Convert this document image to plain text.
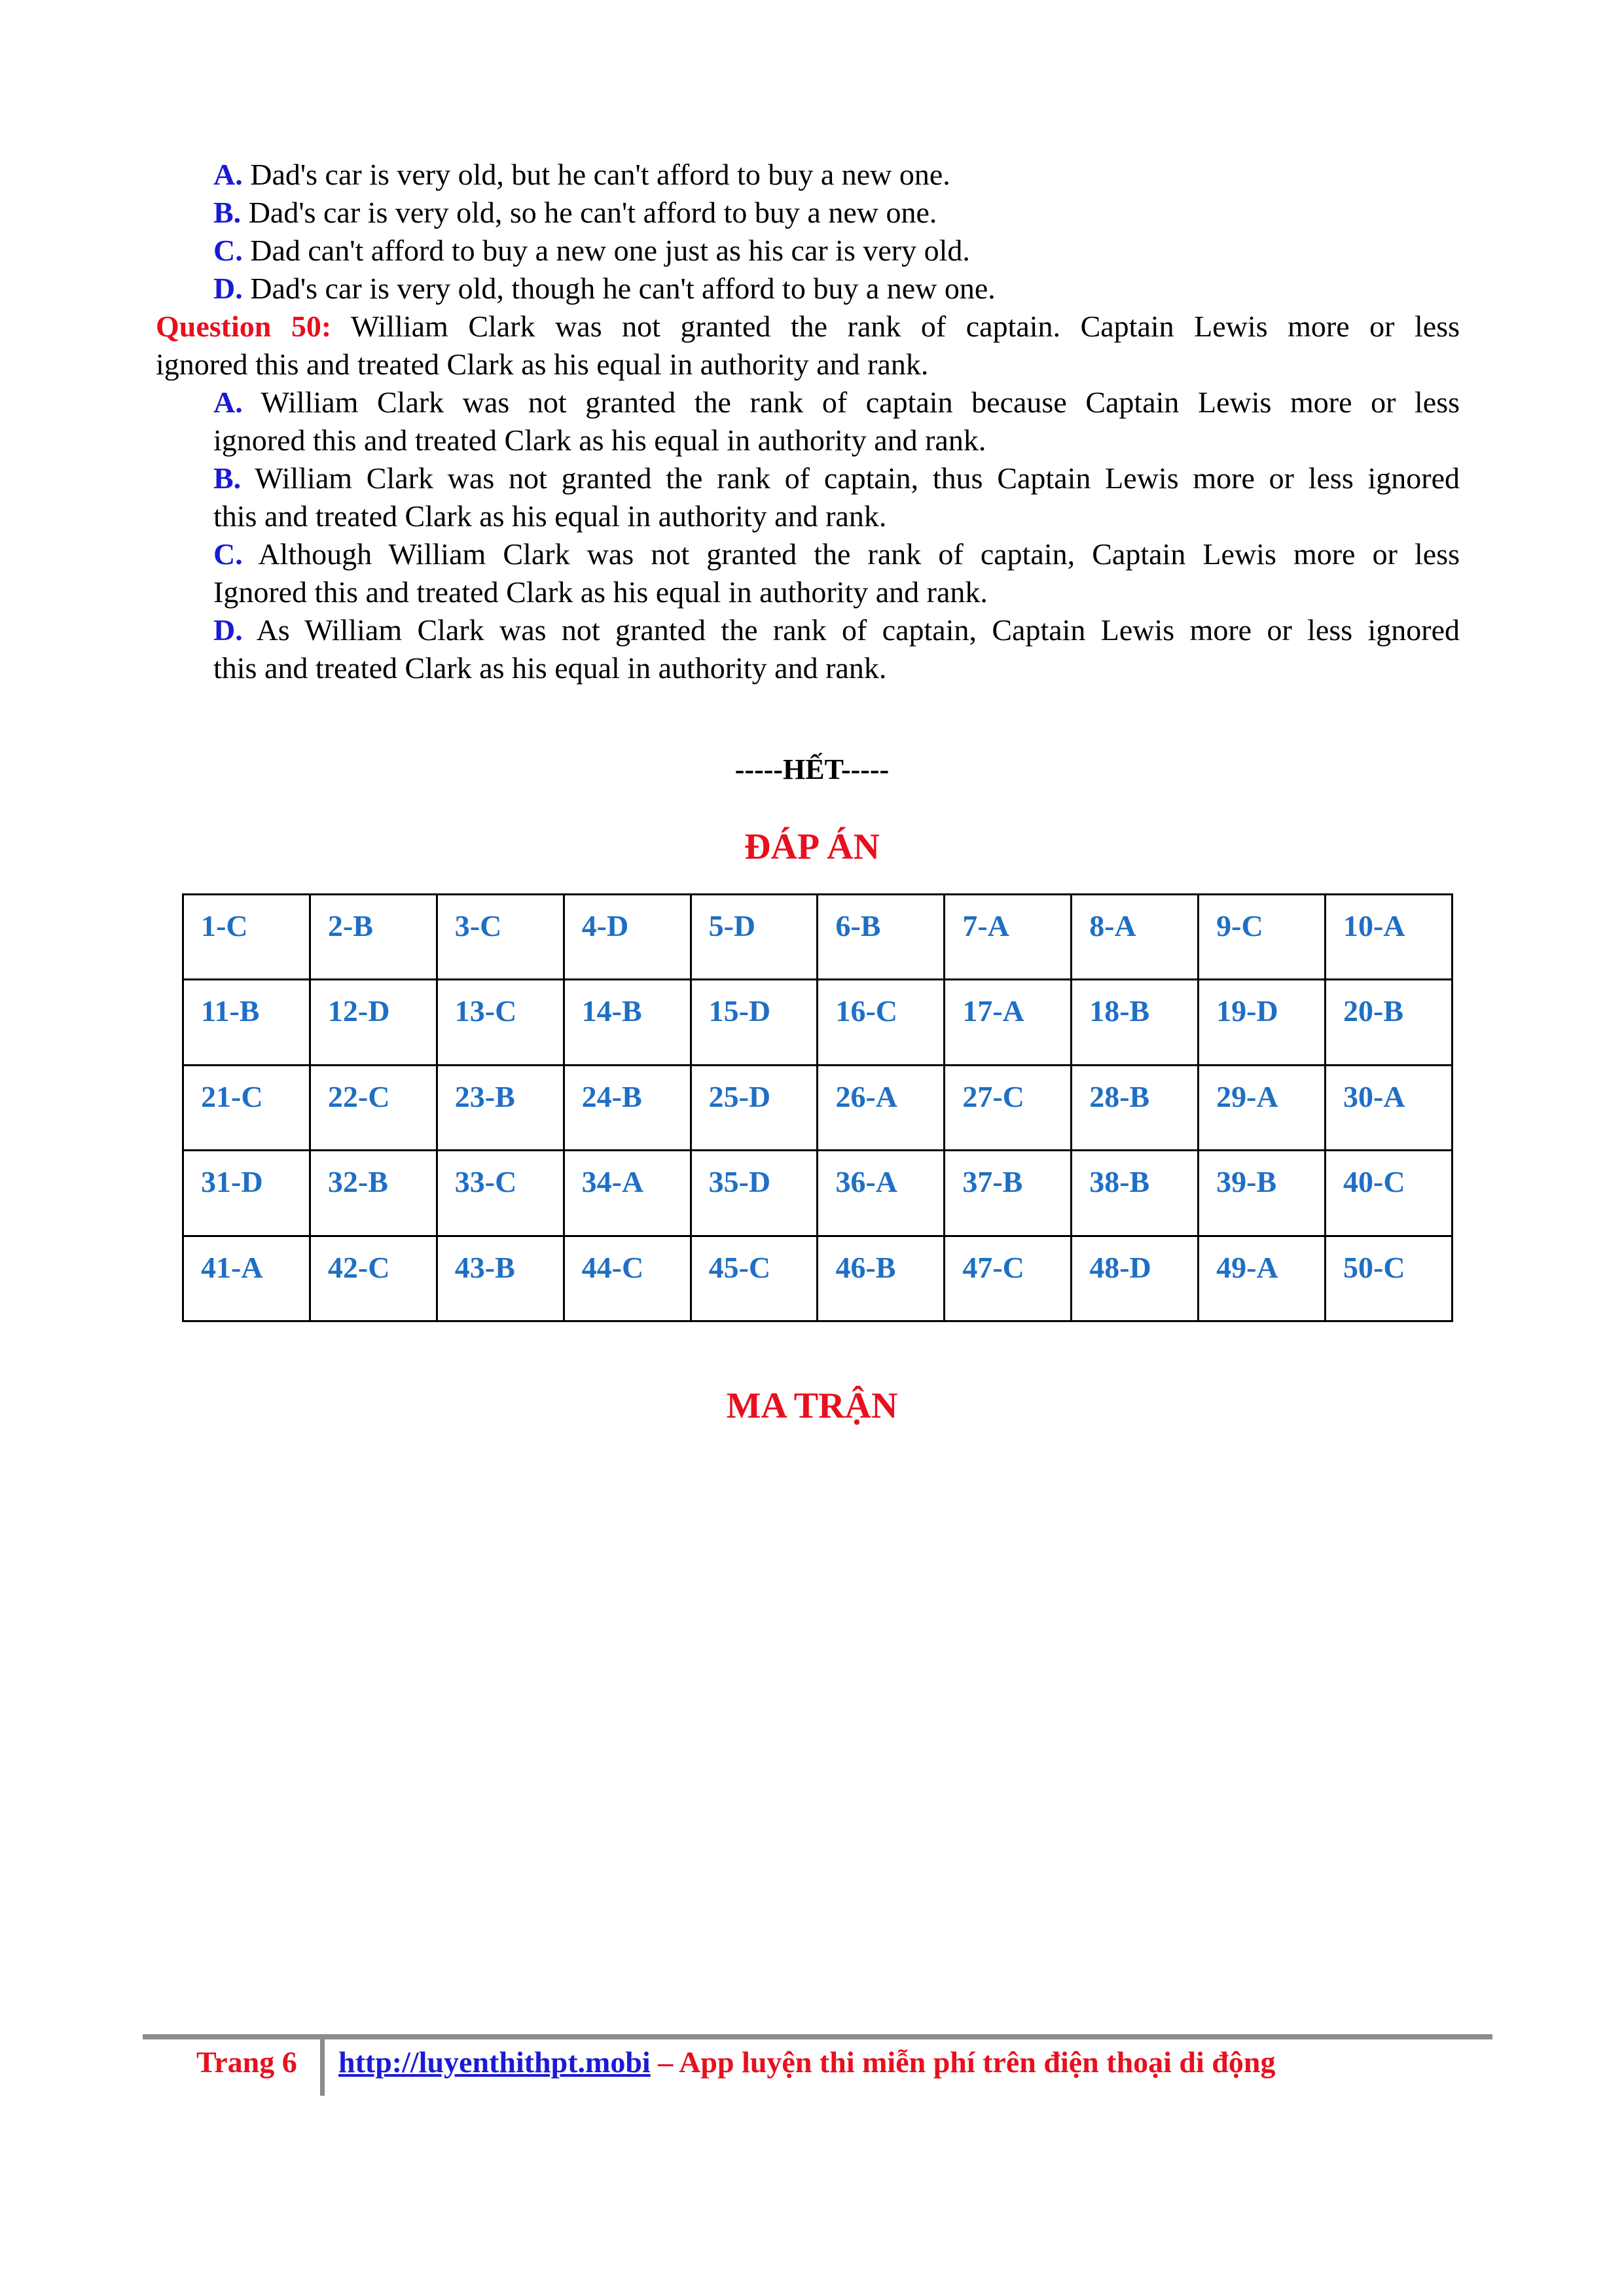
A. Dad's car is very old, but he can't afford to buy a new one.
B. Dad's car is very old, so he can't afford to buy a new one.
C. Dad can't afford to buy a new one just as his car is very old.
D. Dad's car is very old, though he can't afford to buy a new one.
Question 50: William Clark was not granted the rank of captain. Captain Lewis more or less
ignored this and treated Clark as his equal in authority and rank.
A. William Clark was not granted the rank of captain because Captain Lewis more or less
ignored this and treated Clark as his equal in authority and rank.
B. William Clark was not granted the rank of captain, thus Captain Lewis more or less ignored
this and treated Clark as his equal in authority and rank.
C. Although William Clark was not granted the rank of captain, Captain Lewis more or less
Ignored this and treated Clark as his equal in authority and rank.
D. As William Clark was not granted the rank of captain, Captain Lewis more or less ignored
this and treated Clark as his equal in authority and rank.
-----HẾT-----
ĐÁP ÁN
1-C	2-B	3-C	4-D	5-D	6-B	7-A	8-A	9-C	10-A
11-B	12-D	13-C	14-B	15-D	16-C	17-A	18-B	19-D	20-B
21-C	22-C	23-B	24-B	25-D	26-A	27-C	28-B	29-A	30-A
31-D	32-B	33-C	34-A	35-D	36-A	37-B	38-B	39-B	40-C
41-A	42-C	43-B	44-C	45-C	46-B	47-C	48-D	49-A	50-C
MA TRẬN
Trang 6 http://luyenthithpt.mobi – App luyện thi miễn phí trên điện thoại di động
